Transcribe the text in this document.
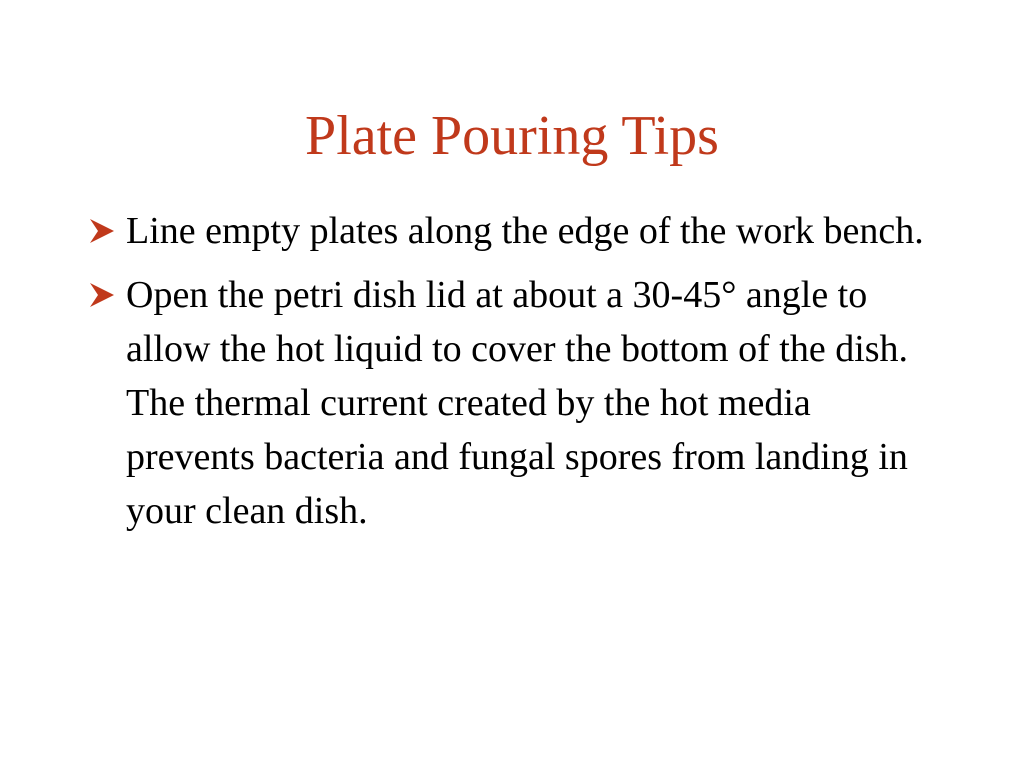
Plate Pouring Tips
Line empty plates along the edge of the work bench.
Open the petri dish lid at about a 30-45° angle to allow the hot liquid to cover the bottom of the dish. The thermal current created by the hot media prevents bacteria and fungal spores from landing in your clean dish.
